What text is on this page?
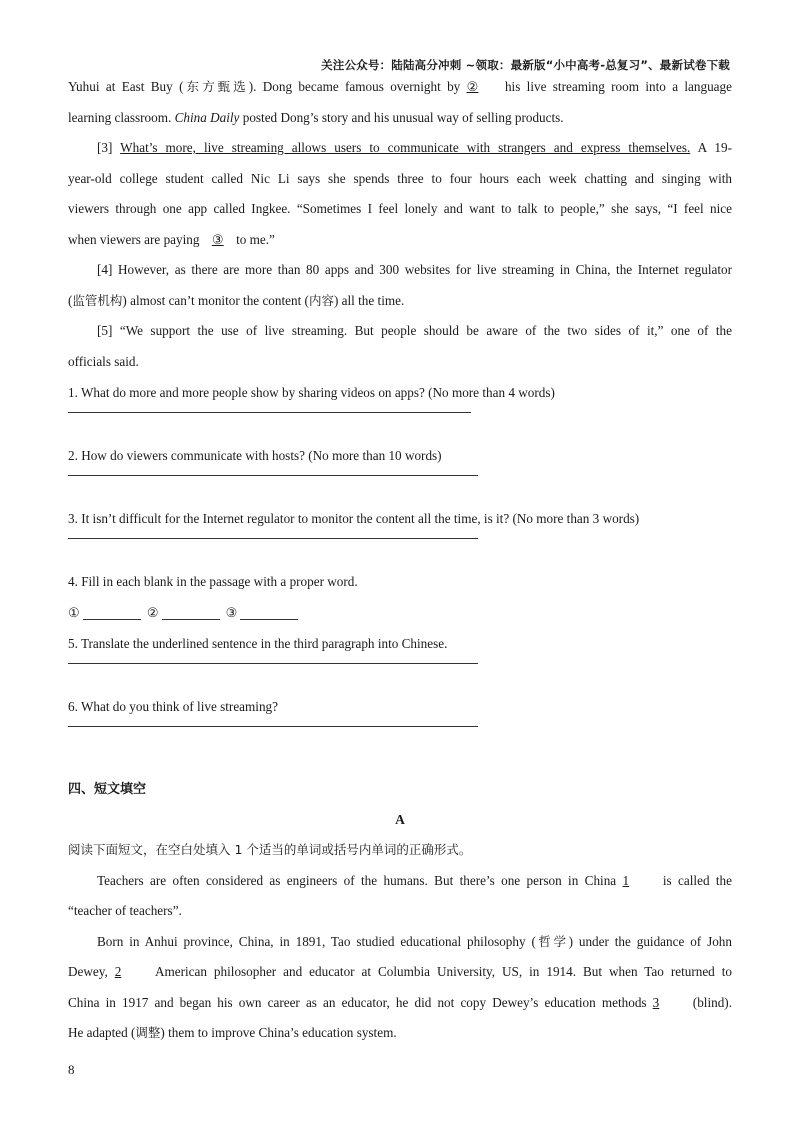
关注公众号：陆陆高分冲刺 ~领取：最新版“小中高考-总复习”、最新试卷下载
Yuhui at East Buy (东方甄选). Dong became famous overnight by ② his live streaming room into a language
learning classroom. China Daily posted Dong’s story and his unusual way of selling products.
[3] What’s more, live streaming allows users to communicate with strangers and express themselves. A 19-
year-old college student called Nic Li says she spends three to four hours each week chatting and singing with
viewers through one app called Ingkee. “Sometimes I feel lonely and want to talk to people,” she says, “I feel nice
when viewers are paying ③ to me.”
[4] However, as there are more than 80 apps and 300 websites for live streaming in China, the Internet regulator
(监管机构) almost can’t monitor the content (内容) all the time.
[5] “We support the use of live streaming. But people should be aware of the two sides of it,” one of the
officials said.
1. What do more and more people show by sharing videos on apps? (No more than 4 words)
2. How do viewers communicate with hosts? (No more than 10 words)
3. It isn’t difficult for the Internet regulator to monitor the content all the time, is it? (No more than 3 words)
4. Fill in each blank in the passage with a proper word.
①	②	③
5. Translate the underlined sentence in the third paragraph into Chinese.
6. What do you think of live streaming?
四、短文填空
A
阅读下面短文，在空白处填入 1 个适当的单词或括号内单词的正确形式。
Teachers are often considered as engineers of the humans. But there’s one person in China 1 is called the
“teacher of teachers”.
Born in Anhui province, China, in 1891, Tao studied educational philosophy (哲学) under the guidance of John
Dewey, 2 American philosopher and educator at Columbia University, US, in 1914. But when Tao returned to
China in 1917 and began his own career as an educator, he did not copy Dewey’s education methods 3 (blind).
He adapted (调整) them to improve China’s education system.
8
